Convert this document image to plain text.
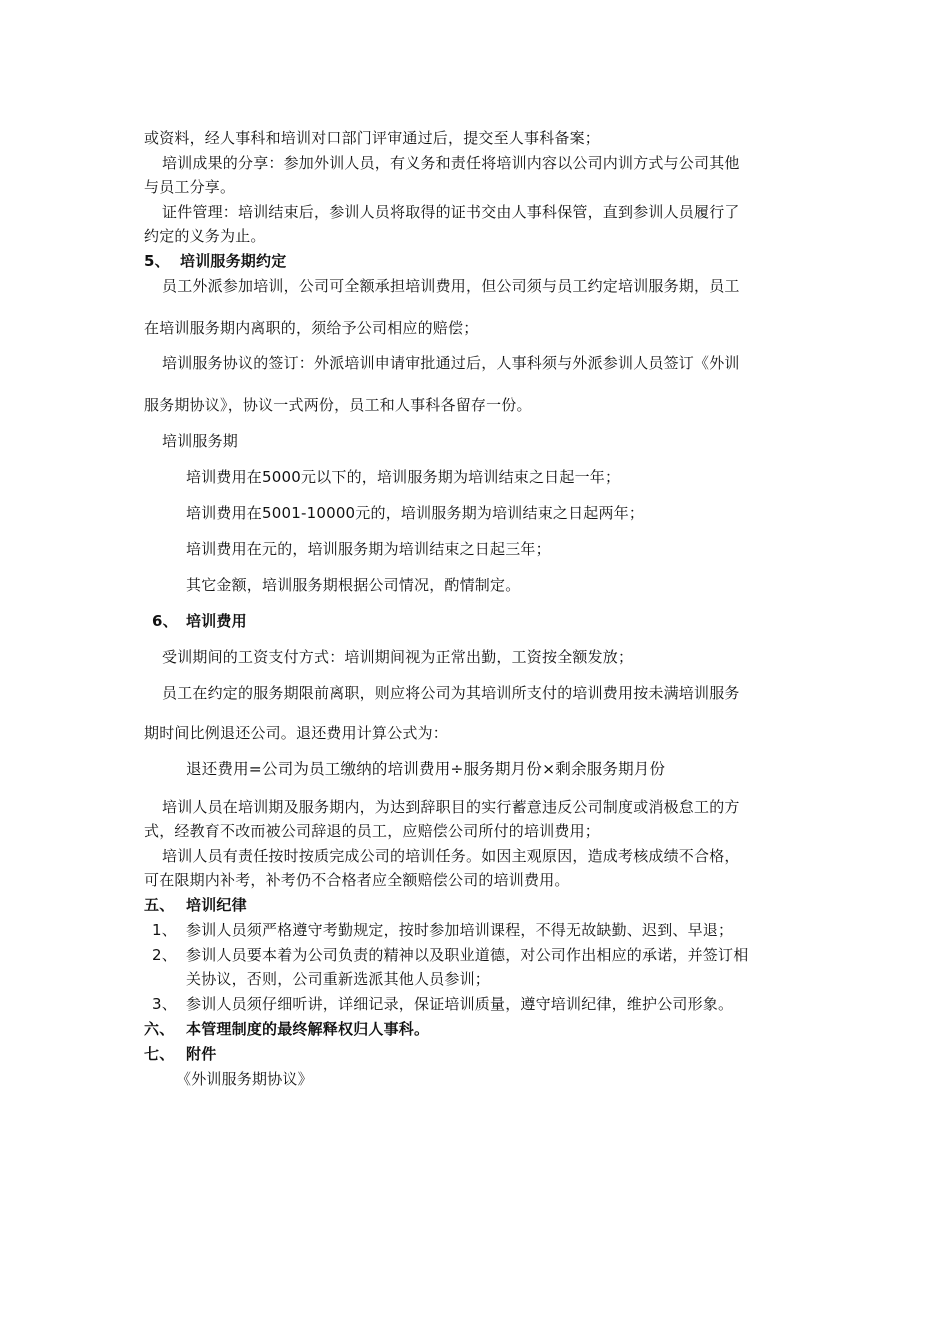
或资料，经人事科和培训对口部门评审通过后，提交至人事科备案；
培训成果的分享：参加外训人员，有义务和责任将培训内容以公司内训方式与公司其他
与员工分享。
证件管理：培训结束后，参训人员将取得的证书交由人事科保管，直到参训人员履行了
约定的义务为止。
5、 培训服务期约定
员工外派参加培训，公司可全额承担培训费用，但公司须与员工约定培训服务期，员工
在培训服务期内离职的，须给予公司相应的赔偿；
培训服务协议的签订：外派培训申请审批通过后，人事科须与外派参训人员签订《外训
服务期协议》，协议一式两份，员工和人事科各留存一份。
培训服务期
培训费用在5000元以下的，培训服务期为培训结束之日起一年；
培训费用在5001-10000元的，培训服务期为培训结束之日起两年；
培训费用在元的，培训服务期为培训结束之日起三年；
其它金额，培训服务期根据公司情况，酌情制定。
6、 培训费用
受训期间的工资支付方式：培训期间视为正常出勤，工资按全额发放；
员工在约定的服务期限前离职，则应将公司为其培训所支付的培训费用按未满培训服务
期时间比例退还公司。退还费用计算公式为：
退还费用=公司为员工缴纳的培训费用÷服务期月份×剩余服务期月份
培训人员在培训期及服务期内，为达到辞职目的实行蓄意违反公司制度或消极怠工的方
式，经教育不改而被公司辞退的员工，应赔偿公司所付的培训费用；
培训人员有责任按时按质完成公司的培训任务。如因主观原因，造成考核成绩不合格，
可在限期内补考，补考仍不合格者应全额赔偿公司的培训费用。
五、 培训纪律
1、 参训人员须严格遵守考勤规定，按时参加培训课程，不得无故缺勤、迟到、早退；
2、 参训人员要本着为公司负责的精神以及职业道德，对公司作出相应的承诺，并签订相
关协议，否则，公司重新选派其他人员参训；
3、 参训人员须仔细听讲，详细记录，保证培训质量，遵守培训纪律，维护公司形象。
六、 本管理制度的最终解释权归人事科。
七、 附件
《外训服务期协议》
